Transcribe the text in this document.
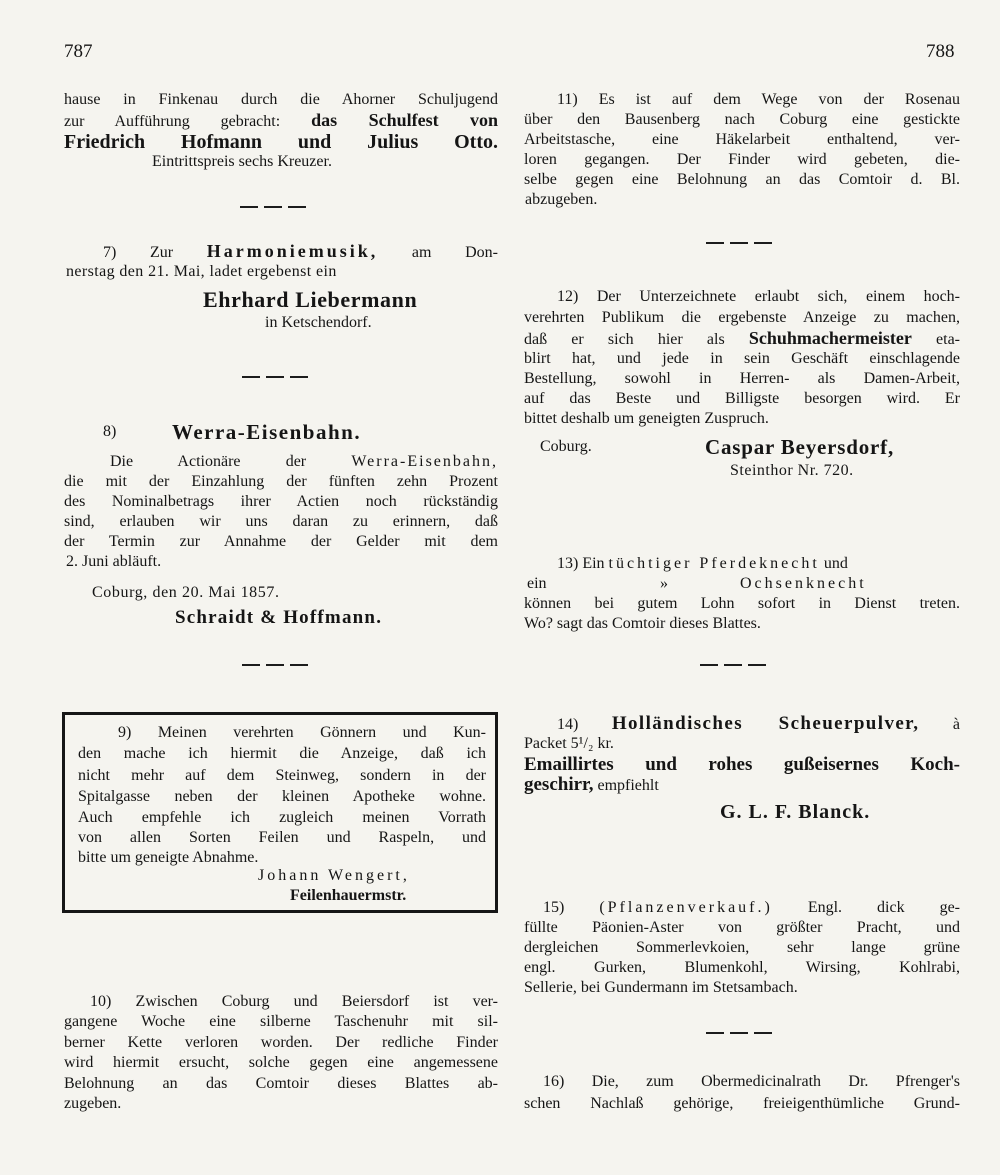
787	788
hause in Finkenau durch die Ahorner Schuljugend
zur Aufführung gebracht: das Schulfest von
Friedrich Hofmann und Julius Otto.
Eintrittspreis sechs Kreuzer.
7) Zur Harmoniemusik, am Don-
nerstag den 21. Mai, ladet ergebenst ein
Ehrhard Liebermann
in Ketschendorf.
8)	Werra-Eisenbahn.
Die Actionäre der	Werra-Eisenbahn,
die mit der Einzahlung der fünften zehn Prozent
des Nominalbetrags ihrer Actien noch rückständig
sind, erlauben wir uns daran zu erinnern, daß
der Termin zur Annahme der Gelder mit dem
2. Juni abläuft.
Coburg, den 20. Mai 1857.
Schraidt & Hoffmann.
9) Meinen verehrten Gönnern und Kun-
den mache ich hiermit die Anzeige, daß ich
nicht mehr auf dem Steinweg, sondern in der
Spitalgasse neben der kleinen Apotheke wohne.
Auch empfehle ich zugleich meinen Vorrath
von allen Sorten Feilen und Raspeln, und
bitte um geneigte Abnahme.
Johann Wengert,
Feilenhauermstr.
10) Zwischen Coburg und Beiersdorf ist ver-
gangene Woche eine silberne Taschenuhr mit sil-
berner Kette verloren worden. Der redliche Finder
wird hiermit ersucht, solche gegen eine angemessene
Belohnung an das Comtoir dieses Blattes ab-
zugeben.
11) Es ist auf dem Wege von der Rosenau
über den Bausenberg nach Coburg eine gestickte
Arbeitstasche, eine Häkelarbeit enthaltend, ver-
loren gegangen. Der Finder wird gebeten, die-
selbe gegen eine Belohnung an das Comtoir d. Bl.
abzugeben.
12) Der Unterzeichnete erlaubt sich, einem hoch-
verehrten Publikum die ergebenste Anzeige zu machen,
daß er sich hier als Schuhmachermeister eta-
blirt hat, und jede in sein Geschäft einschlagende
Bestellung, sowohl in Herren- als Damen-Arbeit,
auf das Beste und Billigste besorgen wird. Er
bittet deshalb um geneigten Zuspruch.
Coburg.	Caspar Beyersdorf,
Steinthor Nr. 720.
13) Ein tüchtiger Pferdeknecht und
ein	»	Ochsenknecht
können bei gutem Lohn sofort in Dienst treten.
Wo? sagt das Comtoir dieses Blattes.
14) Holländisches Scheuerpulver, à
Packet 5¹/₂ kr.
Emaillirtes und rohes gußeisernes Koch-
geschirr, empfiehlt
G. L. F. Blanck.
15) (Pflanzenverkauf.) Engl. dick ge-
füllte Päonien-Aster von größter Pracht, und
dergleichen Sommerlevkoien, sehr lange grüne
engl. Gurken, Blumenkohl, Wirsing, Kohlrabi,
Sellerie, bei Gundermann im Stetsambach.
16) Die, zum Obermedicinalrath Dr. Pfrenger's
schen Nachlaß gehörige, freieigenthümliche Grund-
